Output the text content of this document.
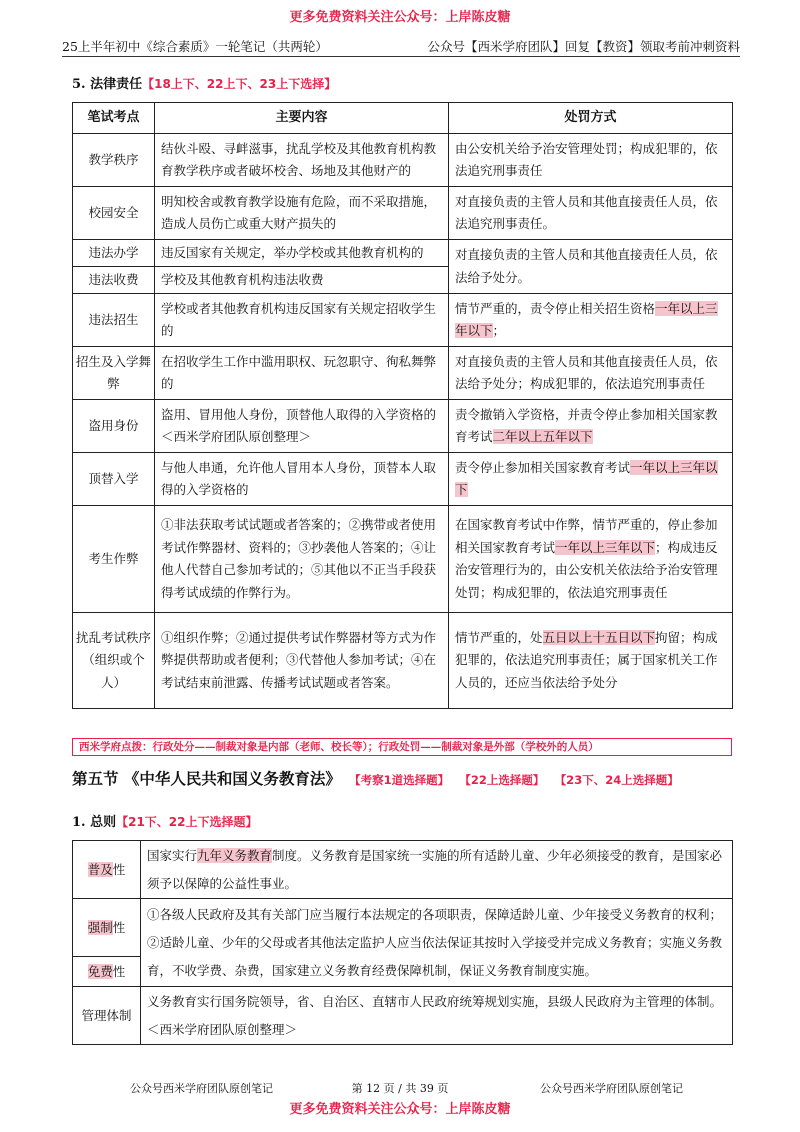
更多免费资料关注公众号：上岸陈皮糖
25上半年初中《综合素质》一轮笔记（共两轮）	公众号【西米学府团队】回复【教资】领取考前冲刺资料
5. 法律责任【18上下、22上下、23上下选择】
笔试考点	主要内容	处罚方式
教学秩序	结伙斗殴、寻衅滋事，扰乱学校及其他教育机构教育教学秩序或者破坏校舍、场地及其他财产的	由公安机关给予治安管理处罚；构成犯罪的，依法追究刑事责任
校园安全	明知校舍或教育教学设施有危险，而不采取措施，造成人员伤亡或重大财产损失的	对直接负责的主管人员和其他直接责任人员，依法追究刑事责任。
违法办学	违反国家有关规定，举办学校或其他教育机构的	对直接负责的主管人员和其他直接责任人员，依法给予处分。
违法收费	学校及其他教育机构违法收费	
违法招生	学校或者其他教育机构违反国家有关规定招收学生的	情节严重的，责令停止相关招生资格一年以上三年以下；
招生及入学舞弊	在招收学生工作中滥用职权、玩忽职守、徇私舞弊的	对直接负责的主管人员和其他直接责任人员，依法给予处分；构成犯罪的，依法追究刑事责任
盗用身份	盗用、冒用他人身份，顶替他人取得的入学资格的＜西米学府团队原创整理＞	责令撤销入学资格，并责令停止参加相关国家教育考试二年以上五年以下
顶替入学	与他人串通，允许他人冒用本人身份，顶替本人取得的入学资格的	责令停止参加相关国家教育考试一年以上三年以下
考生作弊	①非法获取考试试题或者答案的；②携带或者使用考试作弊器材、资料的；③抄袭他人答案的；④让他人代替自己参加考试的；⑤其他以不正当手段获得考试成绩的作弊行为。	在国家教育考试中作弊，情节严重的，停止参加相关国家教育考试一年以上三年以下；构成违反治安管理行为的，由公安机关依法给予治安管理处罚；构成犯罪的，依法追究刑事责任
扰乱考试秩序（组织或个人）	①组织作弊；②通过提供考试作弊器材等方式为作弊提供帮助或者便利；③代替他人参加考试；④在考试结束前泄露、传播考试试题或者答案。	情节严重的，处五日以上十五日以下拘留；构成犯罪的，依法追究刑事责任；属于国家机关工作人员的，还应当依法给予处分
西米学府点拨：行政处分——制裁对象是内部（老师、校长等）；行政处罚——制裁对象是外部（学校外的人员）
第五节 《中华人民共和国义务教育法》 【考察1道选择题】 【22上选择题】 【23下、24上选择题】
1. 总则【21下、22上下选择题】
普及性	国家实行九年义务教育制度。义务教育是国家统一实施的所有适龄儿童、少年必须接受的教育，是国家必须予以保障的公益性事业。
强制性	①各级人民政府及其有关部门应当履行本法规定的各项职责，保障适龄儿童、少年接受义务教育的权利；②适龄儿童、少年的父母或者其他法定监护人应当依法保证其按时入学接受并完成义务教育；实施义务教育，不收学费、杂费，国家建立义务教育经费保障机制，保证义务教育制度实施。
免费性	
管理体制	义务教育实行国务院领导，省、自治区、直辖市人民政府统筹规划实施，县级人民政府为主管理的体制。＜西米学府团队原创整理＞
公众号西米学府团队原创笔记	第 12 页 / 共 39 页	公众号西米学府团队原创笔记
更多免费资料关注公众号：上岸陈皮糖
